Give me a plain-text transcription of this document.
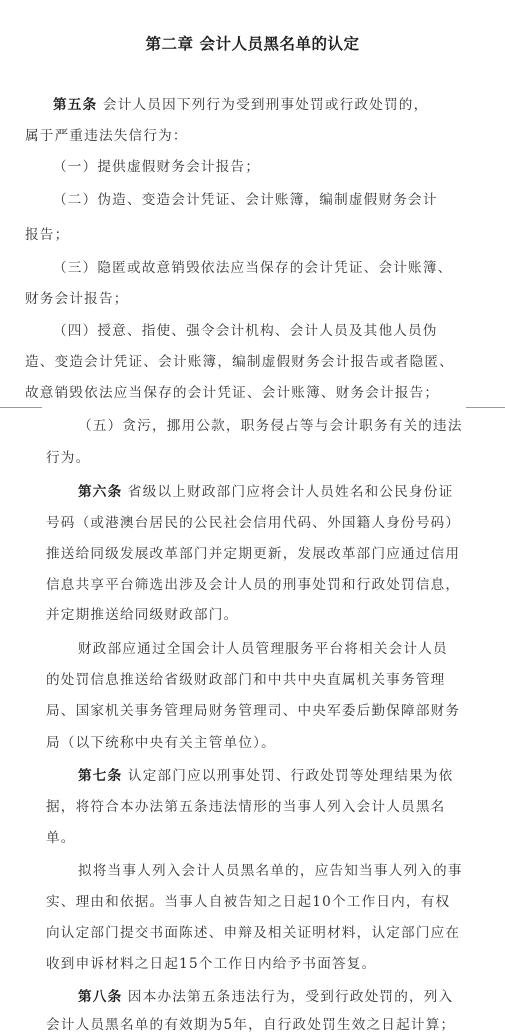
第二章 会计人员黑名单的认定
第五条 会计人员因下列行为受到刑事处罚或行政处罚的，
属于严重违法失信行为：
（一）提供虚假财务会计报告；
（二）伪造、变造会计凭证、会计账簿，编制虚假财务会计
报告；
（三）隐匿或故意销毁依法应当保存的会计凭证、会计账簿、
财务会计报告；
（四）授意、指使、强令会计机构、会计人员及其他人员伪
造、变造会计凭证、会计账簿，编制虚假财务会计报告或者隐匿、
故意销毁依法应当保存的会计凭证、会计账簿、财务会计报告；
（五）贪污，挪用公款，职务侵占等与会计职务有关的违法
行为。
第六条 省级以上财政部门应将会计人员姓名和公民身份证
号码（或港澳台居民的公民社会信用代码、外国籍人身份号码）
推送给同级发展改革部门并定期更新，发展改革部门应通过信用
信息共享平台筛选出涉及会计人员的刑事处罚和行政处罚信息，
并定期推送给同级财政部门。
财政部应通过全国会计人员管理服务平台将相关会计人员
的处罚信息推送给省级财政部门和中共中央直属机关事务管理
局、国家机关事务管理局财务管理司、中央军委后勤保障部财务
局（以下统称中央有关主管单位）。
第七条 认定部门应以刑事处罚、行政处罚等处理结果为依
据，将符合本办法第五条违法情形的当事人列入会计人员黑名
单。
拟将当事人列入会计人员黑名单的，应告知当事人列入的事
实、理由和依据。当事人自被告知之日起10个工作日内，有权
向认定部门提交书面陈述、申辩及相关证明材料，认定部门应在
收到申诉材料之日起15个工作日内给予书面答复。
第八条 因本办法第五条违法行为，受到行政处罚的，列入
会计人员黑名单的有效期为5年，自行政处罚生效之日起计算；
